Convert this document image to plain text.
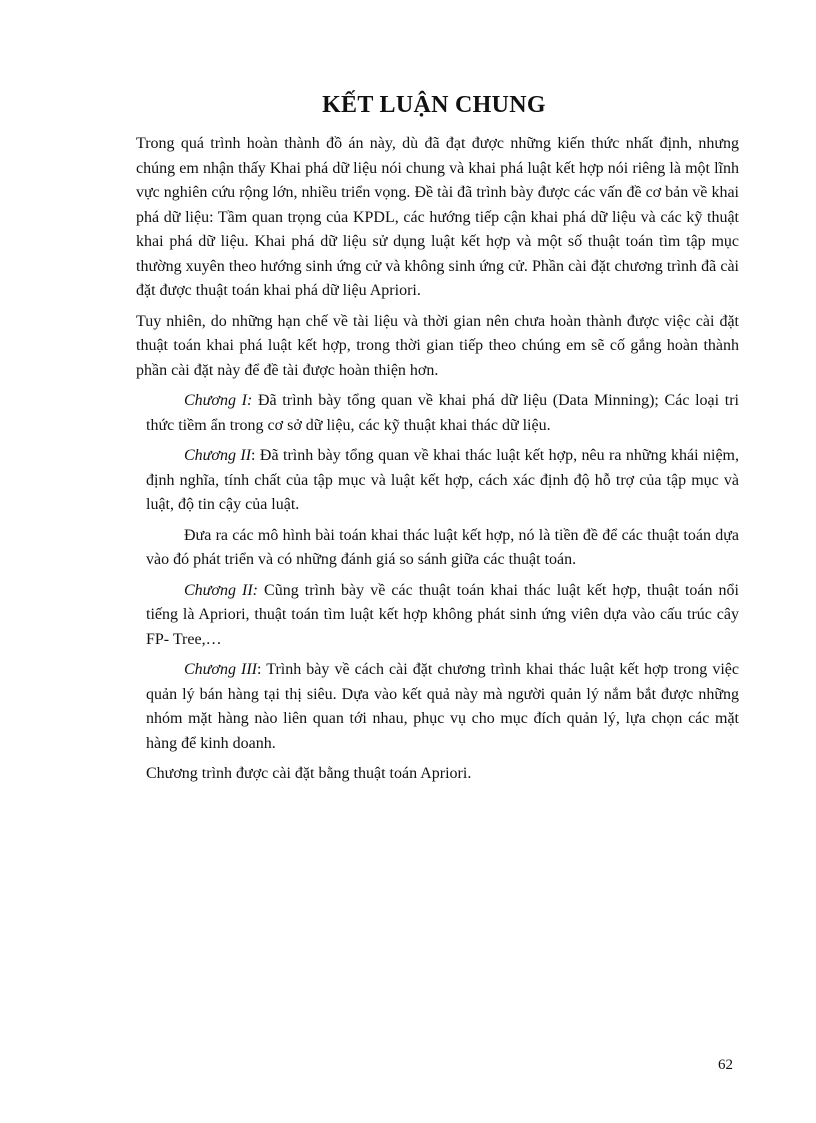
KẾT LUẬN CHUNG

Trong quá trình hoàn thành đồ án này, dù đã đạt được những kiến thức nhất định, nhưng chúng em nhận thấy Khai phá dữ liệu nói chung và khai phá luật kết hợp nói riêng là một lĩnh vực nghiên cứu rộng lớn, nhiều triển vọng. Đề tài đã trình bày được các vấn đề cơ bản về khai phá dữ liệu: Tầm quan trọng của KPDL, các hướng tiếp cận khai phá dữ liệu và các kỹ thuật khai phá dữ liệu. Khai phá dữ liệu sử dụng luật kết hợp và một số thuật toán tìm tập mục thường xuyên theo hướng sinh ứng cử và không sinh ứng cử. Phần cài đặt chương trình đã cài đặt được thuật toán khai phá dữ liệu Apriori.

Tuy nhiên, do những hạn chế về tài liệu và thời gian nên chưa hoàn thành được việc cài đặt thuật toán khai phá luật kết hợp, trong thời gian tiếp theo chúng em sẽ cố gắng hoàn thành phần cài đặt này để đề tài được hoàn thiện hơn.

Chương I: Đã trình bày tổng quan về khai phá dữ liệu (Data Minning); Các loại tri thức tiềm ẩn trong cơ sở dữ liệu, các kỹ thuật khai thác dữ liệu.

Chương II: Đã trình bày tổng quan về khai thác luật kết hợp, nêu ra những khái niệm, định nghĩa, tính chất của tập mục và luật kết hợp, cách xác định độ hỗ trợ của tập mục và luật, độ tin cậy của luật.

Đưa ra các mô hình bài toán khai thác luật kết hợp, nó là tiền đề để các thuật toán dựa vào đó phát triển và có những đánh giá so sánh giữa các thuật toán.

Chương II: Cũng trình bày về các thuật toán khai thác luật kết hợp, thuật toán nổi tiếng là Apriori, thuật toán tìm luật kết hợp không phát sinh ứng viên dựa vào cấu trúc cây FP- Tree,…

Chương III: Trình bày về cách cài đặt chương trình khai thác luật kết hợp trong việc quản lý bán hàng tại thị siêu. Dựa vào kết quả này mà người quản lý nắm bắt được những nhóm mặt hàng nào liên quan tới nhau, phục vụ cho mục đích quản lý, lựa chọn các mặt hàng để kinh doanh.

Chương trình được cài đặt bằng thuật toán Apriori.

62
